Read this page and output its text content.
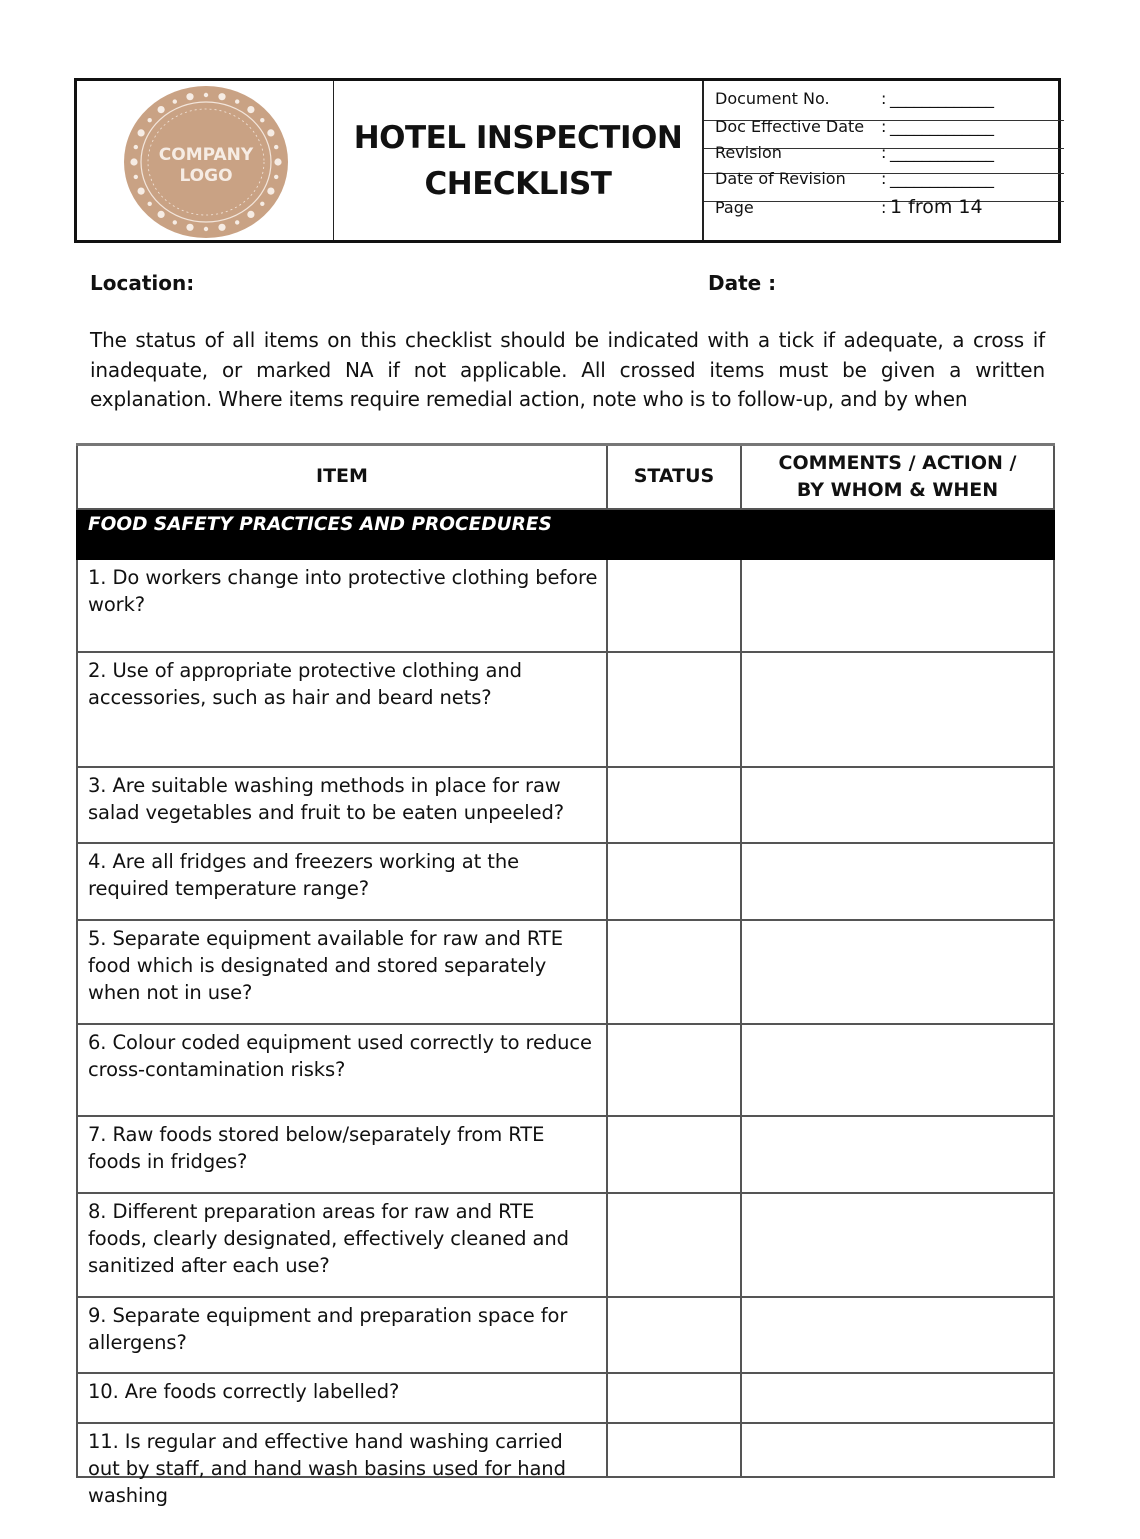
COMPANY
LOGO
HOTEL INSPECTION
CHECKLIST
Document No.	: _____________
Doc Effective Date : _____________
Revision	: _____________
Date of Revision : _____________
Page	: 1 from 14
Location:	Date :
The status of all items on this checklist should be indicated with a tick if adequate, a cross if inadequate, or marked NA if not applicable. All crossed items must be given a written explanation. Where items require remedial action, note who is to follow-up, and by when
ITEM	STATUS	COMMENTS / ACTION / BY WHOM & WHEN
FOOD SAFETY PRACTICES AND PROCEDURES		

1. Do workers change into protective clothing before work?		

2. Use of appropriate protective clothing and accessories, such as hair and beard nets?		

3. Are suitable washing methods in place for raw salad vegetables and fruit to be eaten unpeeled?		

4. Are all fridges and freezers working at the required temperature range?		

5. Separate equipment available for raw and RTE food which is designated and stored separately when not in use?		

6. Colour coded equipment used correctly to reduce cross-contamination risks?		

7. Raw foods stored below/separately from RTE foods in fridges?		

8. Different preparation areas for raw and RTE foods, clearly designated, effectively cleaned and sanitized after each use?		

9. Separate equipment and preparation space for allergens?		

10. Are foods correctly labelled?		

11. Is regular and effective hand washing carried out by staff, and hand wash basins used for hand washing		
